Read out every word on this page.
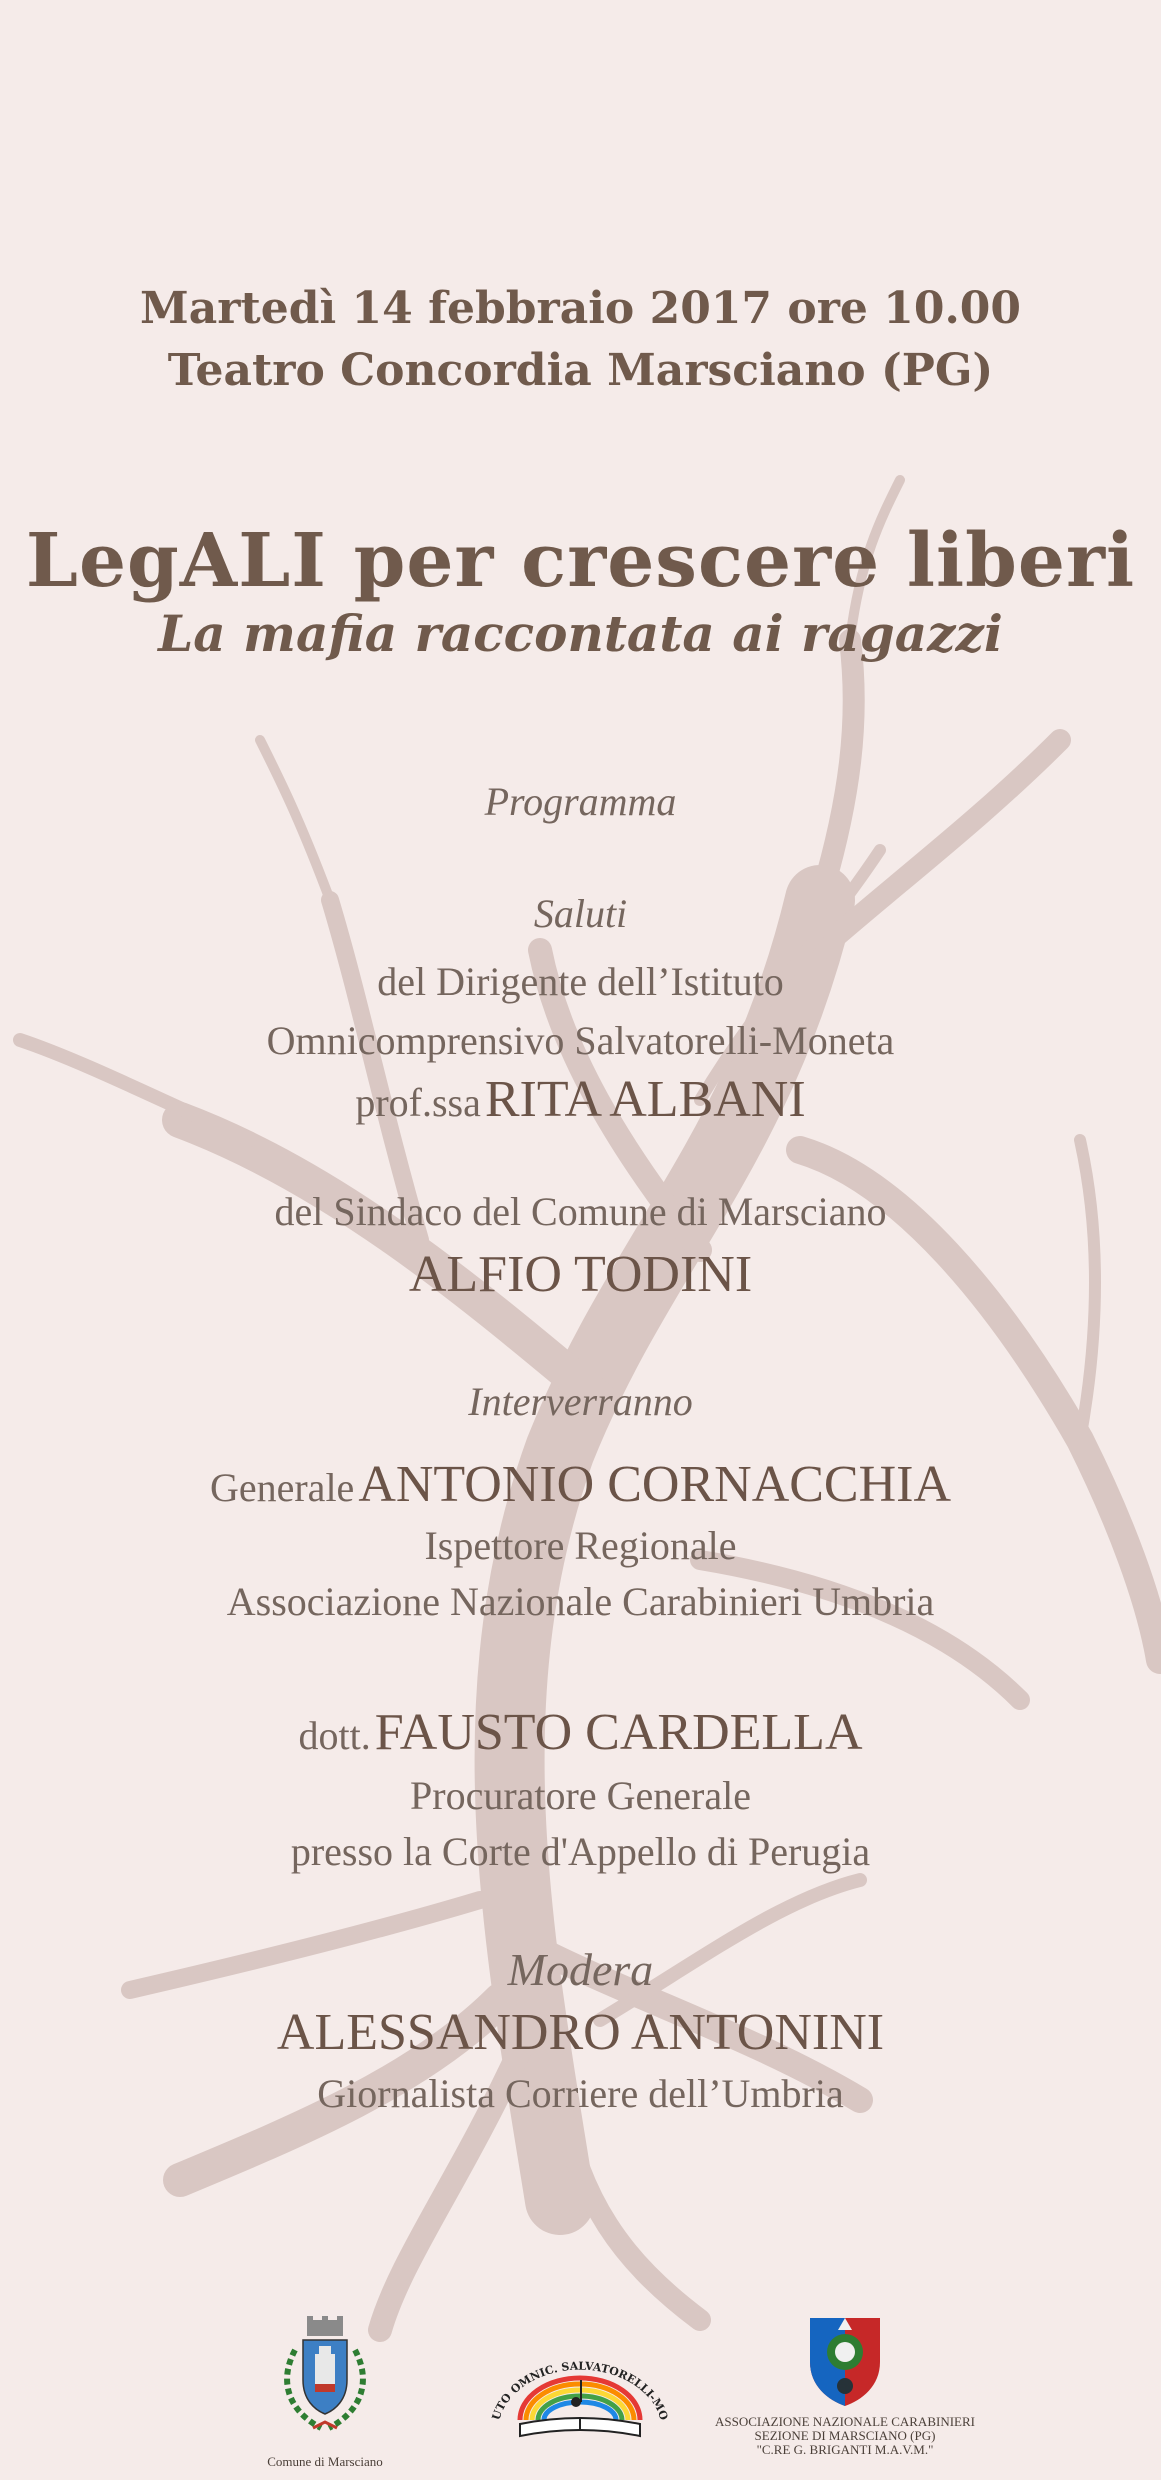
Martedì 14 febbraio 2017 ore 10.00
Teatro Concordia Marsciano (PG)
LegALI per crescere liberi
La mafia raccontata ai ragazzi
Programma
Saluti
del Dirigente dell’Istituto
Omnicomprensivo Salvatorelli-Moneta
prof.ssa RITA ALBANI
del Sindaco del Comune di Marsciano
ALFIO TODINI
Interverranno
Generale ANTONIO CORNACCHIA
Ispettore Regionale
Associazione Nazionale Carabinieri Umbria
dott. FAUSTO CARDELLA
Procuratore Generale
presso la Corte d'Appello di Perugia
Modera
ALESSANDRO ANTONINI
Giornalista Corriere dell’Umbria
Comune di Marsciano
UTO OMNIC. SALVATORELLI-MO	ASSOCIAZIONE NAZIONALE CARABINIERI
SEZIONE DI MARSCIANO (PG)
"C.RE G. BRIGANTI M.A.V.M."
